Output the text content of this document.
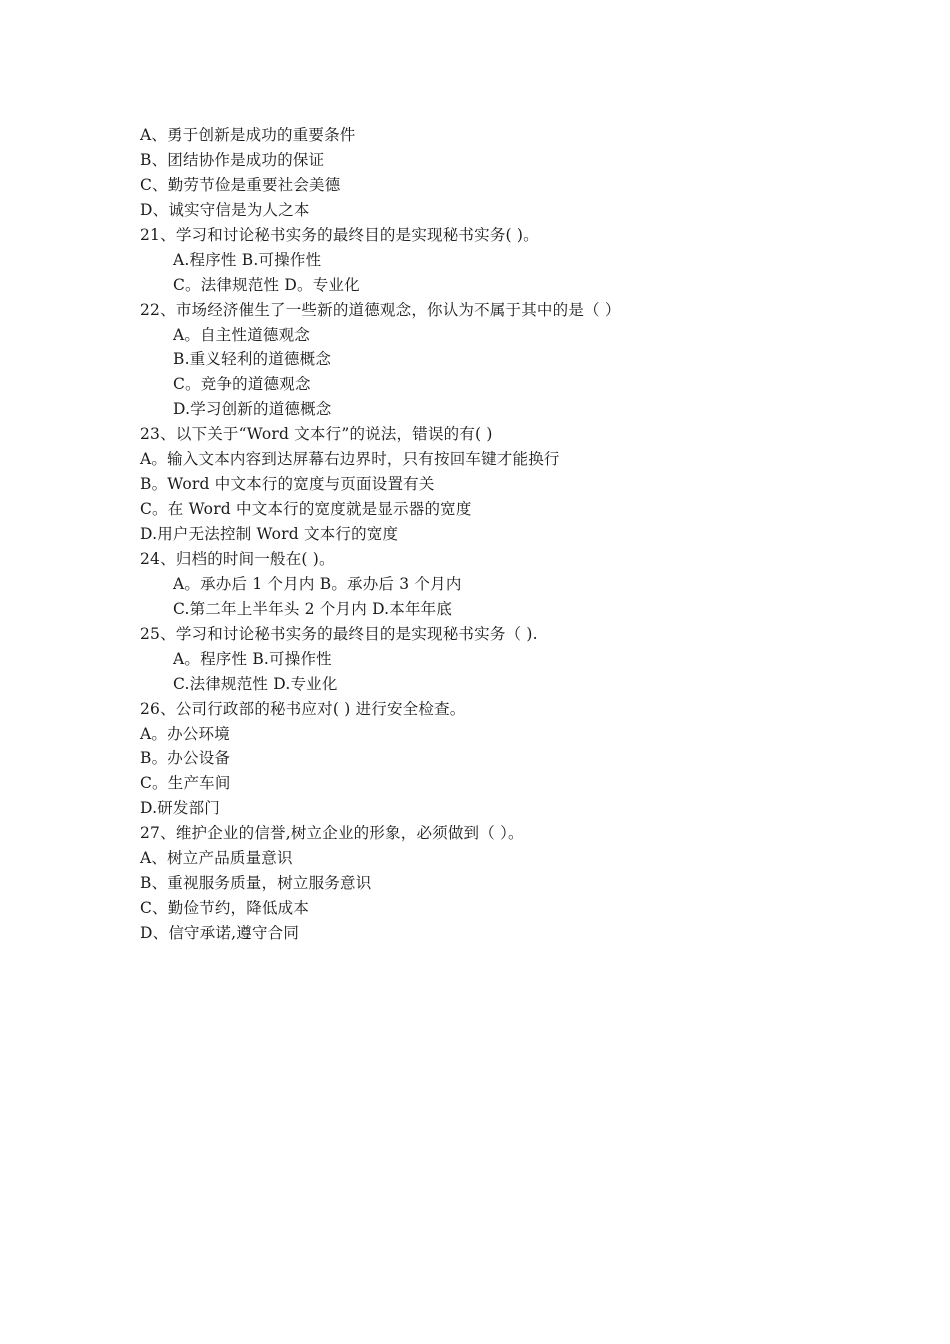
A、勇于创新是成功的重要条件
B、团结协作是成功的保证
C、勤劳节俭是重要社会美德
D、诚实守信是为人之本
21、学习和讨论秘书实务的最终目的是实现秘书实务( )。
A.程序性 B.可操作性
C。法律规范性 D。专业化
22、市场经济催生了一些新的道德观念，你认为不属于其中的是（ ）
A。自主性道德观念
B.重义轻利的道德概念
C。竞争的道德观念
D.学习创新的道德概念
23、以下关于“Word 文本行”的说法，错误的有( )
A。输入文本内容到达屏幕右边界时，只有按回车键才能换行
B。Word 中文本行的宽度与页面设置有关
C。在 Word 中文本行的宽度就是显示器的宽度
D.用户无法控制 Word 文本行的宽度
24、归档的时间一般在( )。
A。承办后 1 个月内 B。承办后 3 个月内
C.第二年上半年头 2 个月内 D.本年年底
25、学习和讨论秘书实务的最终目的是实现秘书实务（ ).
A。程序性 B.可操作性
C.法律规范性 D.专业化
26、公司行政部的秘书应对( ) 进行安全检查。
A。办公环境
B。办公设备
C。生产车间
D.研发部门
27、维护企业的信誉,树立企业的形象，必须做到（ ）。
A、树立产品质量意识
B、重视服务质量，树立服务意识
C、勤俭节约，降低成本
D、信守承诺,遵守合同
